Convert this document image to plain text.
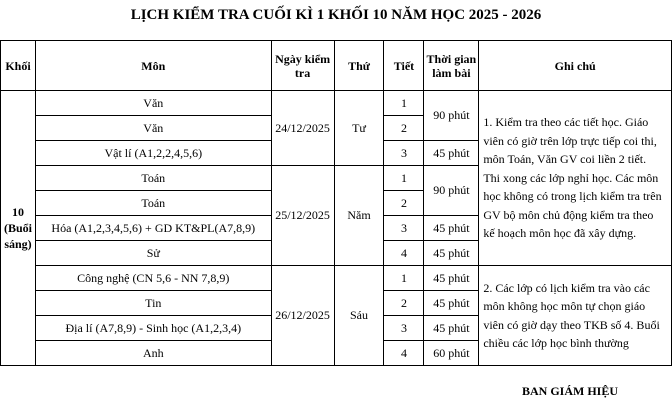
LỊCH KIỂM TRA CUỐI KÌ 1 KHỐI 10 NĂM HỌC 2025 - 2026
Khối	Môn	Ngày kiểm tra	Thứ	Tiết	Thời gian làm bài	Ghi chú
10 (Buổi sáng)	Văn	24/12/2025	Tư	1	90 phút	1. Kiểm tra theo các tiết học. Giáo viên có giờ trên lớp trực tiếp coi thi, môn Toán, Văn GV coi liền 2 tiết. Thi xong các lớp nghỉ học. Các môn học không có trong lịch kiểm tra trên GV bộ môn chủ động kiểm tra theo kế hoạch môn học đã xây dựng.
	Văn			2		
	Vật lí (A1,2,2,4,5,6)			3	45 phút	
	Toán	25/12/2025	Năm	1	90 phút	
	Toán			2		
	Hóa (A1,2,3,4,5,6) + GD KT&PL(A7,8,9)			3	45 phút	
	Sử			4	45 phút	
	Công nghệ (CN 5,6 - NN 7,8,9)	26/12/2025	Sáu	1	45 phút	2. Các lớp có lịch kiểm tra vào các môn không học môn tự chọn giáo viên có giờ dạy theo TKB số 4. Buổi chiều các lớp học bình thường
	Tin			2	45 phút	
	Địa lí (A7,8,9) - Sinh học (A1,2,3,4)			3	45 phút	
	Anh			4	60 phút	
BAN GIÁM HIỆU
